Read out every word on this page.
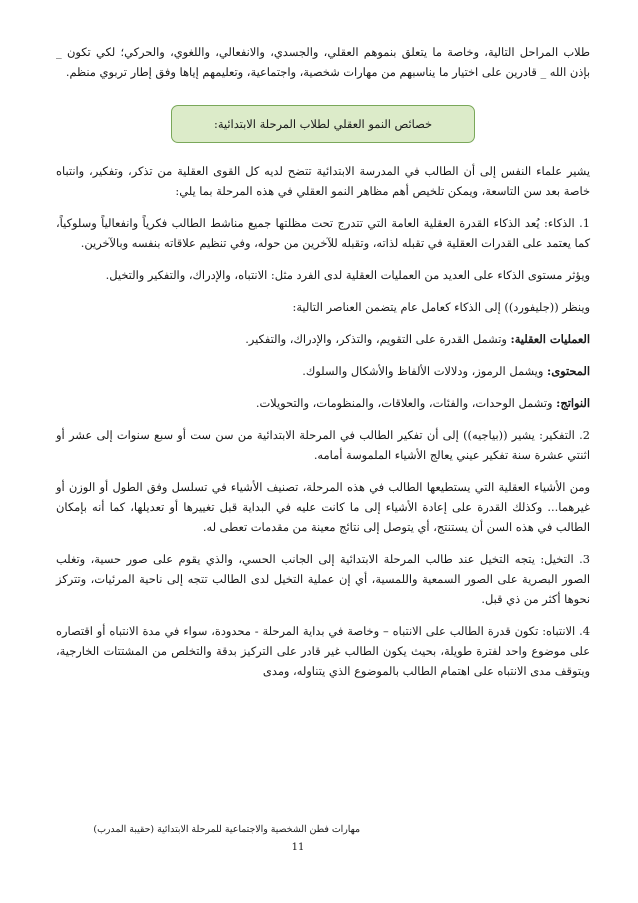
طلاب المراحل التالية، وخاصة ما يتعلق بنموهم العقلي، والجسدي، والانفعالي، واللغوي، والحركي؛ لكي تكون _ بإذن الله _ قادرين على اختيار ما يناسبهم من مهارات شخصية، واجتماعية، وتعليمهم إياها وفق إطار تربوي منظم.

خصائص النمو العقلي لطلاب المرحلة الابتدائية:

يشير علماء النفس إلى أن الطالب في المدرسة الابتدائية تتضح لديه كل القوى العقلية من تذكر، وتفكير، وانتباه خاصة بعد سن التاسعة، ويمكن تلخيص أهم مظاهر النمو العقلي في هذه المرحلة بما يلي:

1. الذكاء: يُعد الذكاء القدرة العقلية العامة التي تتدرج تحت مظلتها جميع مناشط الطالب فكرياً وانفعالياً وسلوكياً، كما يعتمد على القدرات العقلية في تقبله لذاته، وتقبله للآخرين من حوله، وفي تنظيم علاقاته بنفسه وبالآخرين.

ويؤثر مستوى الذكاء على العديد من العمليات العقلية لدى الفرد مثل: الانتباه، والإدراك، والتفكير والتخيل.

وينظر ((جليفورد)) إلى الذكاء كعامل عام يتضمن العناصر التالية:

العمليات العقلية: وتشمل القدرة على التقويم، والتذكر، والإدراك، والتفكير.

المحتوى: ويشمل الرموز، ودلالات الألفاظ والأشكال والسلوك.

النواتج: وتشمل الوحدات، والفئات، والعلاقات، والمنظومات، والتحويلات.

2. التفكير: يشير ((بياجيه)) إلى أن تفكير الطالب في المرحلة الابتدائية من سن ست أو سبع سنوات إلى عشر أو اثنتي عشرة سنة تفكير عيني يعالج الأشياء الملموسة أمامه.

ومن الأشياء العقلية التي يستطيعها الطالب في هذه المرحلة، تصنيف الأشياء في تسلسل وفق الطول أو الوزن أو غيرهما... وكذلك القدرة على إعادة الأشياء إلى ما كانت عليه في البداية قبل تغييرها أو تعديلها، كما أنه بإمكان الطالب في هذه السن أن يستنتج، أي يتوصل إلى نتائج معينة من مقدمات تعطى له.

3. التخيل: يتجه التخيل عند طالب المرحلة الابتدائية إلى الجانب الحسي، والذي يقوم على صور حسية، وتغلب الصور البصرية على الصور السمعية واللمسية، أي إن عملية التخيل لدى الطالب تتجه إلى ناحية المرئيات، وتتركز نحوها أكثر من ذي قبل.

4. الانتباه: تكون قدرة الطالب على الانتباه – وخاصة في بداية المرحلة - محدودة، سواء في مدة الانتباه أو اقتصاره على موضوع واحد لفترة طويلة، بحيث يكون الطالب غير قادر على التركيز بدقة والتخلص من المشتتات الخارجية، ويتوقف مدى الانتباه على اهتمام الطالب بالموضوع الذي يتناوله، ومدى

مهارات فطن الشخصية والاجتماعية للمرحلة الابتدائية (حقيبة المدرب)
11
